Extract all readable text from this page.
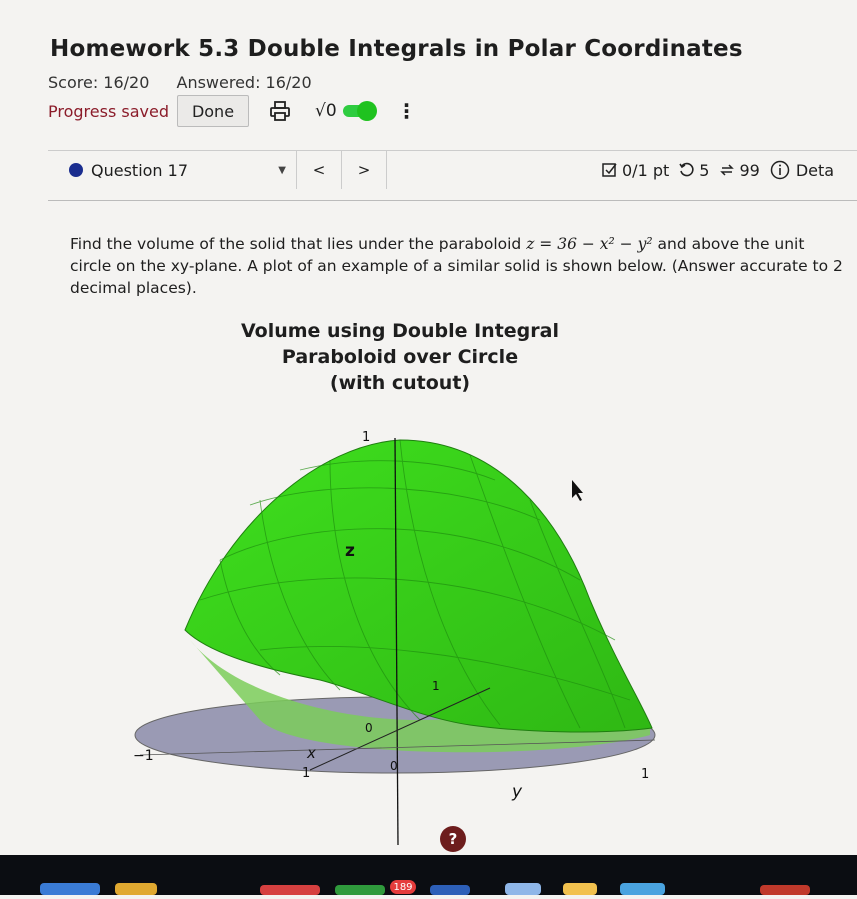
Homework 5.3 Double Integrals in Polar Coordinates
Score: 16/20 Answered: 16/20
Progress saved	Done	√0	⋮
Question 17	▼	<	>	0/1 pt 5 99 Deta
Find the volume of the solid that lies under the paraboloid z = 36 − x² − y² and above the unit circle on the xy-plane. A plot of an example of a similar solid is shown below. (Answer accurate to 2 decimal places).
Volume using Double Integral
Paraboloid over Circle
(with cutout)
z
x
y
1
−1
1	1
0
0
1
?
189
